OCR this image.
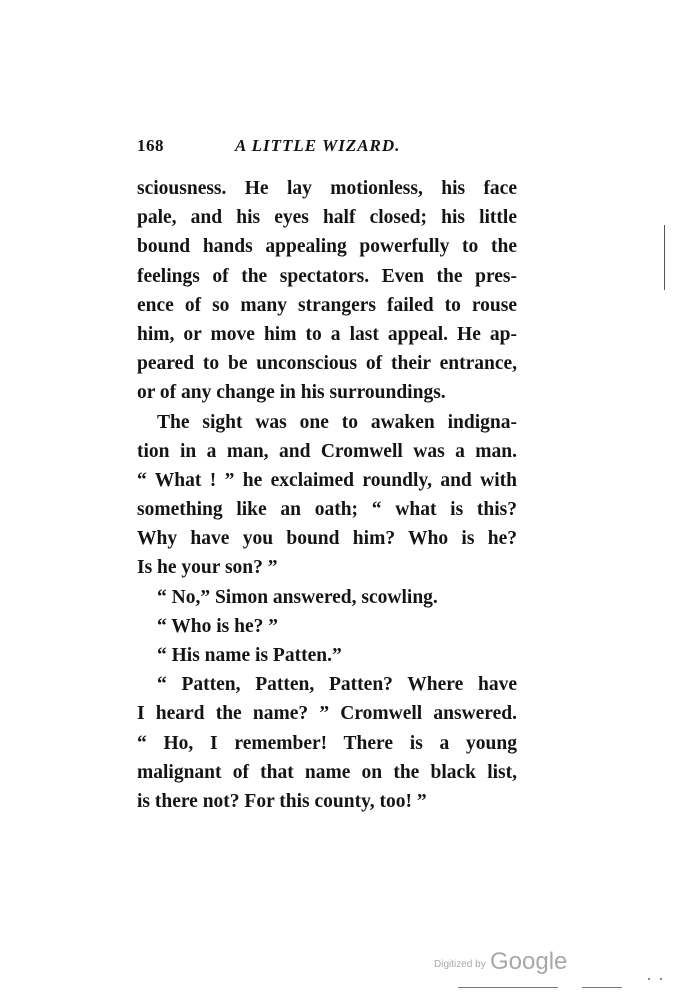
168	A LITTLE WIZARD.
sciousness. He lay motionless, his face
pale, and his eyes half closed; his little
bound hands appealing powerfully to the
feelings of the spectators. Even the pres-
ence of so many strangers failed to rouse
him, or move him to a last appeal. He ap-
peared to be unconscious of their entrance,
or of any change in his surroundings.
The sight was one to awaken indigna-
tion in a man, and Cromwell was a man.
“ What ! ” he exclaimed roundly, and with
something like an oath; “ what is this?
Why have you bound him? Who is he?
Is he your son? ”
“ No,” Simon answered, scowling.
“ Who is he? ”
“ His name is Patten.”
“ Patten, Patten, Patten? Where have
I heard the name? ” Cromwell answered.
“ Ho, I remember! There is a young
malignant of that name on the black list,
is there not? For this county, too! ”
Digitized by Google
